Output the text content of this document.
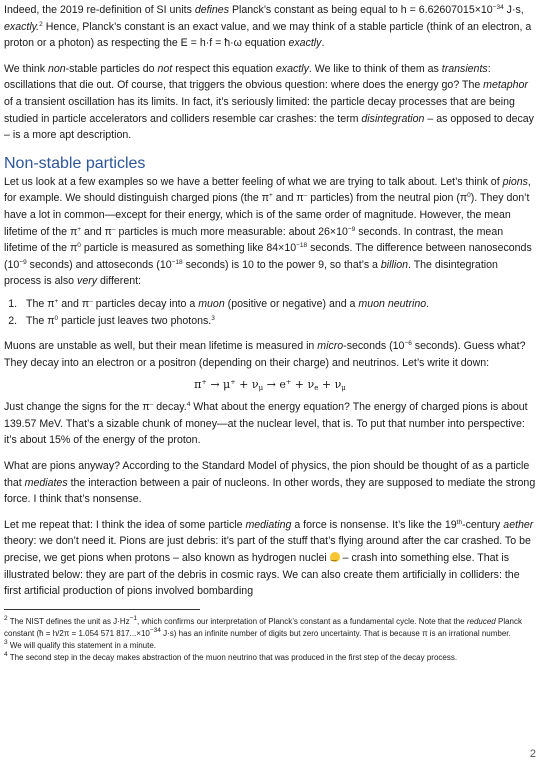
Indeed, the 2019 re-definition of SI units defines Planck’s constant as being equal to $h = 6.62607015\times 10^{-34}$ J·s, exactly.$^2$ Hence, Planck’s constant is an exact value, and we may think of a stable particle (think of an electron, a proton or a photon) as respecting the E = h·f = ħ·ω equation exactly.

We think non-stable particles do not respect this equation exactly. We like to think of them as transients: oscillations that die out. Of course, that triggers the obvious question: where does the energy go? The metaphor of a transient oscillation has its limits. In fact, it’s seriously limited: the particle decay processes that are being studied in particle accelerators and colliders resemble car crashes: the term disintegration – as opposed to decay – is a more apt description.

Non-stable particles

Let us look at a few examples so we have a better feeling of what we are trying to talk about. Let’s think of pions, for example. We should distinguish charged pions (the π+ and π– particles) from the neutral pion $(\pi^0)$. They don’t have a lot in common—except for their energy, which is of the same order of magnitude. However, the mean lifetime of the π+ and π– particles is much more measurable: about $26\times 10^{-9}$ seconds. In contrast, the mean lifetime of the $\pi^0$ particle is measured as something like $84\times 10^{-18}$ seconds. The difference between nanoseconds ($10^{-9}$ seconds) and attoseconds ($10^{-18}$ seconds) is 10 to the power 9, so that’s a billion. The disintegration process is also very different:

1. The π+ and π– particles decay into a muon (positive or negative) and a muon neutrino.
2. The $\pi^0$ particle just leaves two photons.$^3$

Muons are unstable as well, but their mean lifetime is measured in micro-seconds ($10^{-6}$ seconds). Guess what? They decay into an electron or a positron (depending on their charge) and neutrinos. Let’s write it down:

$\pi^+ \to \mu^+ + \nu_\mu \to e^+ + \nu_e + \nu_\mu$

Just change the signs for the π– decay.$^4$ What about the energy equation? The energy of charged pions is about 139.57 MeV. That’s a sizable chunk of money—at the nuclear level, that is. To put that number into perspective: it’s about 15% of the energy of the proton.

What are pions anyway? According to the Standard Model of physics, the pion should be thought of as a particle that mediates the interaction between a pair of nucleons. In other words, they are supposed to mediate the strong force. I think that’s nonsense.

Let me repeat that: I think the idea of some particle mediating a force is nonsense. It’s like the 19th-century aether theory: we don’t need it. Pions are just debris: it’s part of the stuff that’s flying around after the car crashed. To be precise, we get pions when protons – also known as hydrogen nuclei ‿ – crash into something else. That is illustrated below: they are part of the debris in cosmic rays. We can also create them artificially in colliders: the first artificial production of pions involved bombarding

$^2$ The NIST defines the unit as $J\cdot Hz^{-1}$, which confirms our interpretation of Planck’s constant as a fundamental cycle. Note that the reduced Planck constant (ħ = h/2π = 1.054 571 $817...\times 10^{-34}$ J·s) has an infinite number of digits but zero uncertainty. That is because π is an irrational number.

$^3$ We will qualify this statement in a minute.

$^4$ The second step in the decay makes abstraction of the muon neutrino that was produced in the first step of the decay process.

2
